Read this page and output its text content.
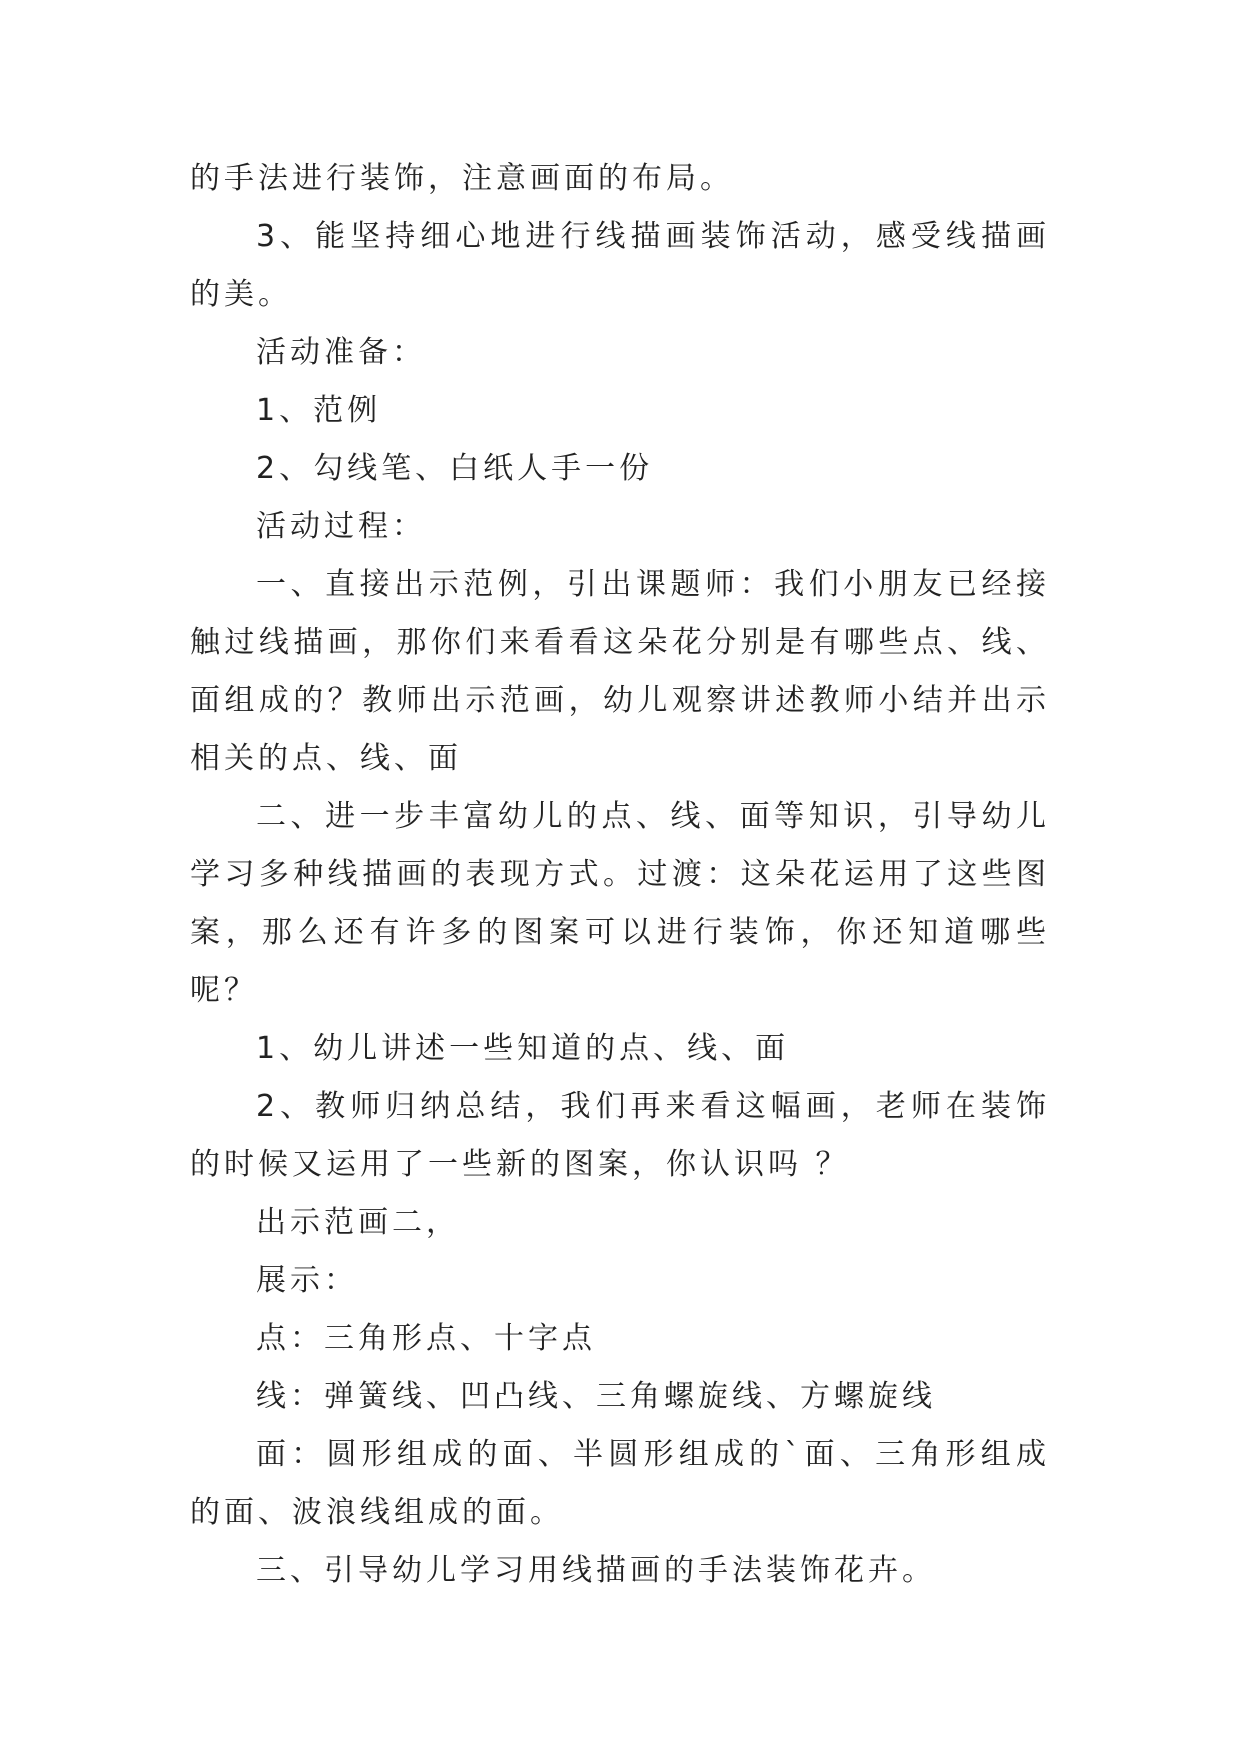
的手法进行装饰，注意画面的布局。

3、能坚持细心地进行线描画装饰活动，感受线描画的美。

活动准备：

1、范例

2、勾线笔、白纸人手一份

活动过程：

一、直接出示范例，引出课题师：我们小朋友已经接触过线描画，那你们来看看这朵花分别是有哪些点、线、面组成的？教师出示范画，幼儿观察讲述教师小结并出示相关的点、线、面

二、进一步丰富幼儿的点、线、面等知识，引导幼儿学习多种线描画的表现方式。过渡：这朵花运用了这些图案，那么还有许多的图案可以进行装饰，你还知道哪些呢？

1、幼儿讲述一些知道的点、线、面

2、教师归纳总结，我们再来看这幅画，老师在装饰的时候又运用了一些新的图案，你认识吗 ？

出示范画二，

展示：

点：三角形点、十字点

线：弹簧线、凹凸线、三角螺旋线、方螺旋线

面：圆形组成的面、半圆形组成的`面、三角形组成的面、波浪线组成的面。

三、引导幼儿学习用线描画的手法装饰花卉。
